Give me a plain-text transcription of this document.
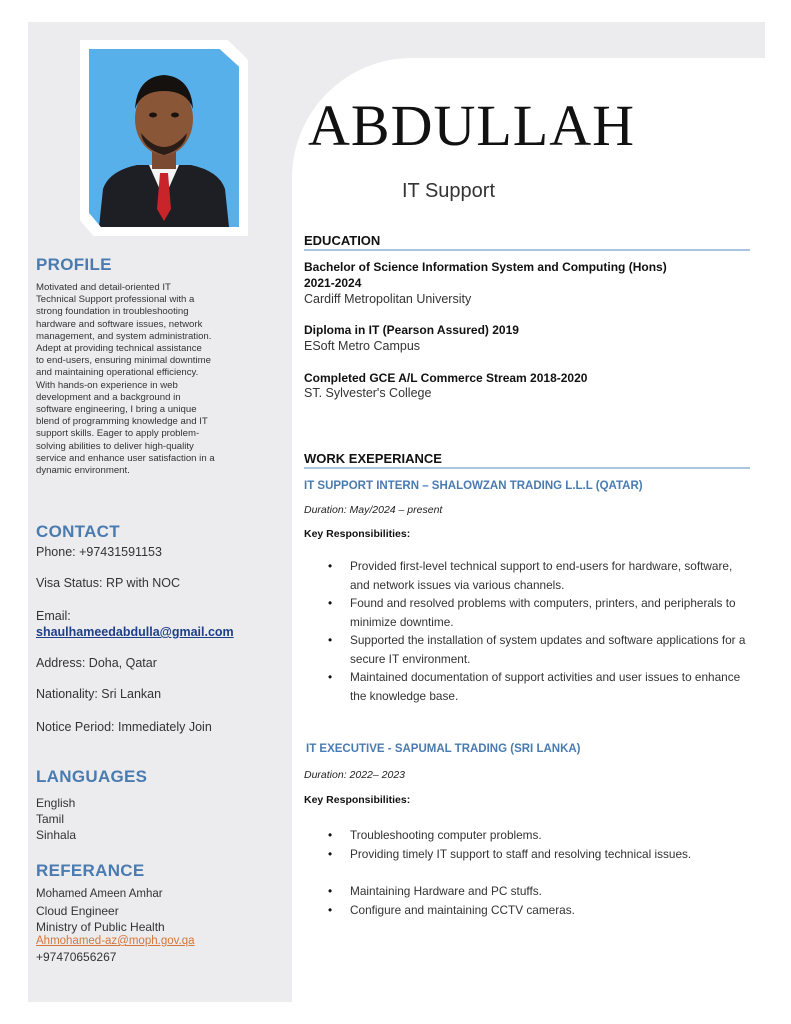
ABDULLAH
IT Support
PROFILE
Motivated and detail-oriented IT
Technical Support professional with a
strong foundation in troubleshooting
hardware and software issues, network
management, and system administration.
Adept at providing technical assistance
to end-users, ensuring minimal downtime
and maintaining operational efficiency.
With hands-on experience in web
development and a background in
software engineering, I bring a unique
blend of programming knowledge and IT
support skills. Eager to apply problem-
solving abilities to deliver high-quality
service and enhance user satisfaction in a
dynamic environment.
CONTACT
Phone: +97431591153
Visa Status: RP with NOC
Email:
shaulhameedabdulla@gmail.com
Address: Doha, Qatar
Nationality: Sri Lankan
Notice Period: Immediately Join
LANGUAGES
English
Tamil
Sinhala
REFERANCE
Mohamed Ameen Amhar
Cloud Engineer
Ministry of Public Health
Ahmohamed-az@moph.gov.qa
+97470656267
EDUCATION
Bachelor of Science Information System and Computing (Hons)
2021-2024
Cardiff Metropolitan University
Diploma in IT (Pearson Assured) 2019
ESoft Metro Campus
Completed GCE A/L Commerce Stream 2018-2020
ST. Sylvester's College
WORK EXEPERIANCE
IT SUPPORT INTERN – SHALOWZAN TRADING L.L.L (QATAR)
Duration: May/2024 – present
Key Responsibilities:
• Provided first-level technical support to end-users for hardware, software, and network issues via various channels.
• Found and resolved problems with computers, printers, and peripherals to minimize downtime.
• Supported the installation of system updates and software applications for a secure IT environment.
• Maintained documentation of support activities and user issues to enhance the knowledge base.
IT EXECUTIVE - SAPUMAL TRADING (SRI LANKA)
Duration: 2022– 2023
Key Responsibilities:
• Troubleshooting computer problems.
• Providing timely IT support to staff and resolving technical issues.
• Maintaining Hardware and PC stuffs.
• Configure and maintaining CCTV cameras.
